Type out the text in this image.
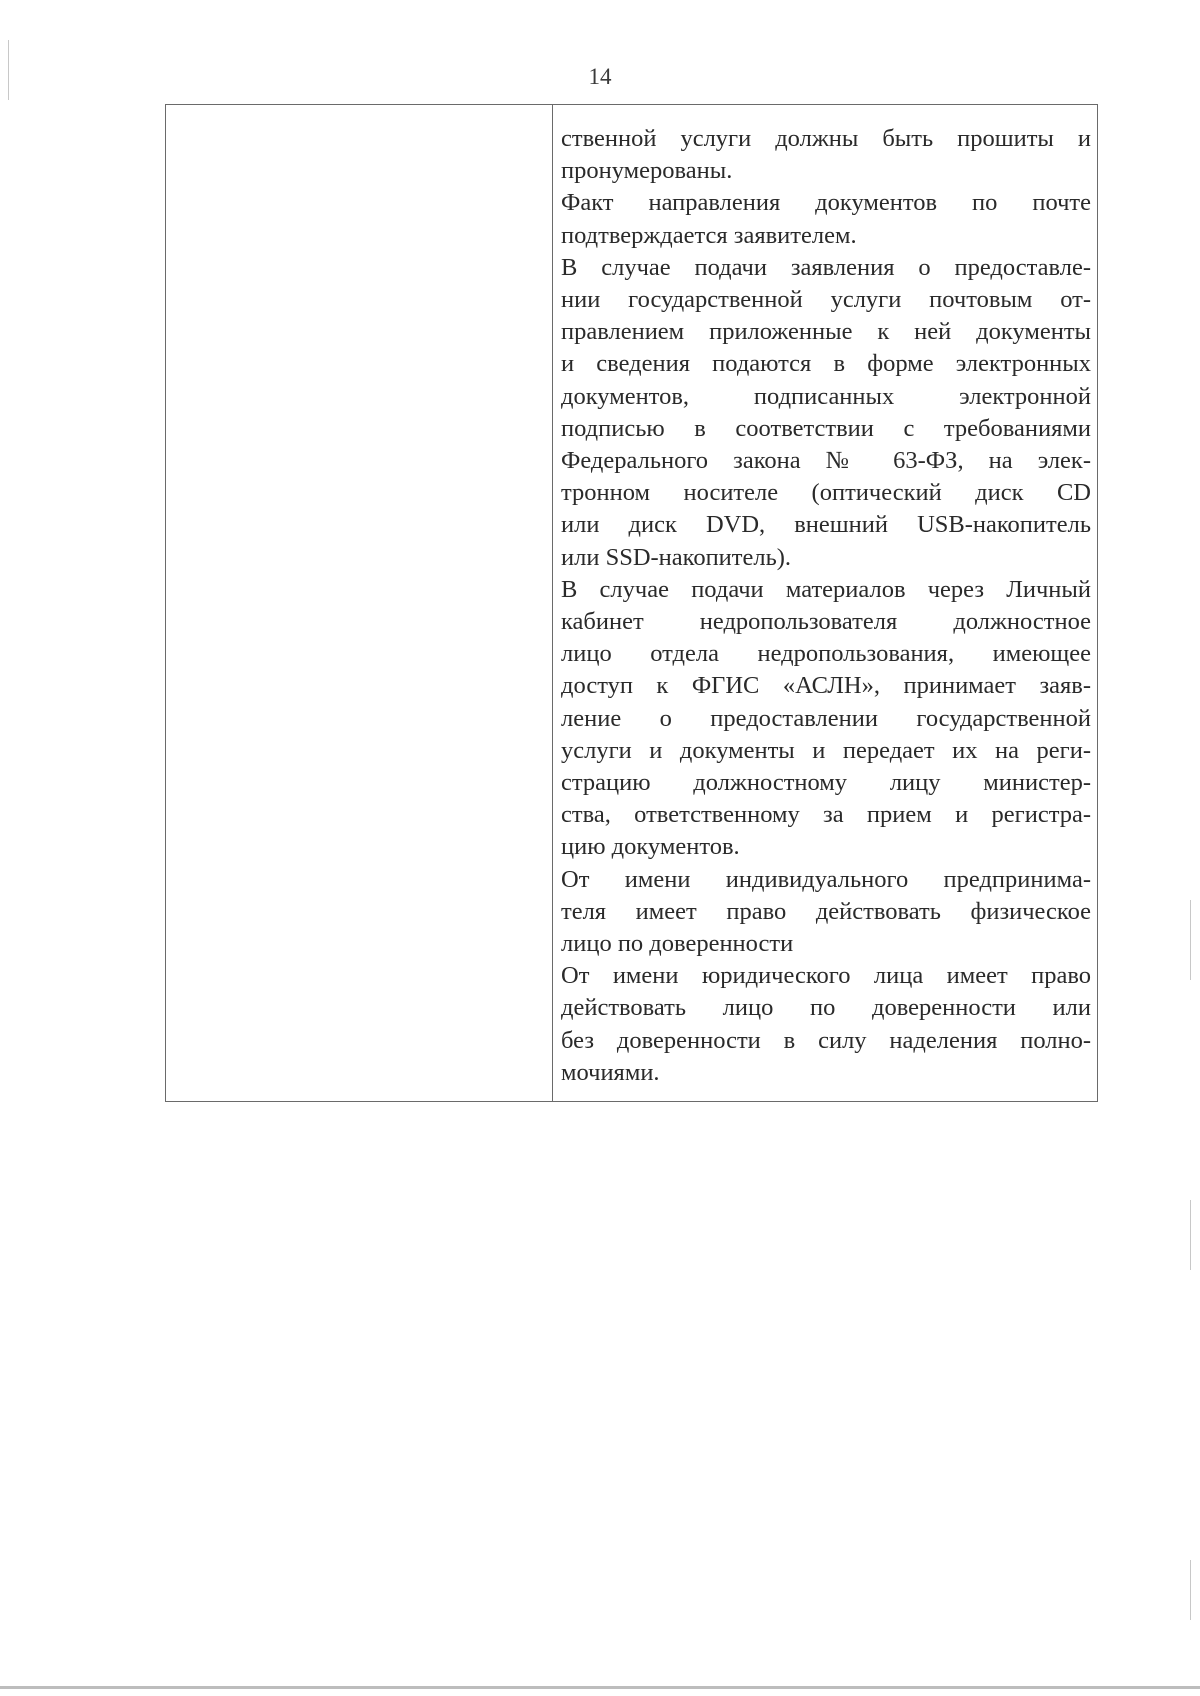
14

ственной услуги должны быть прошиты и
пронумерованы.
Факт направления документов по почте
подтверждается заявителем.
В случае подачи заявления о предоставле-
нии государственной услуги почтовым от-
правлением приложенные к ней документы
и сведения подаются в форме электронных
документов, подписанных электронной
подписью в соответствии с требованиями
Федерального закона № 63-ФЗ, на элек-
тронном носителе (оптический диск CD
или диск DVD, внешний USB-накопитель
или SSD-накопитель).
В случае подачи материалов через Личный
кабинет недропользователя должностное
лицо отдела недропользования, имеющее
доступ к ФГИС «АСЛН», принимает заяв-
ление о предоставлении государственной
услуги и документы и передает их на реги-
страцию должностному лицу министер-
ства, ответственному за прием и регистра-
цию документов.
От имени индивидуального предпринима-
теля имеет право действовать физическое
лицо по доверенности
От имени юридического лица имеет право
действовать лицо по доверенности или
без доверенности в силу наделения полно-
мочиями.
